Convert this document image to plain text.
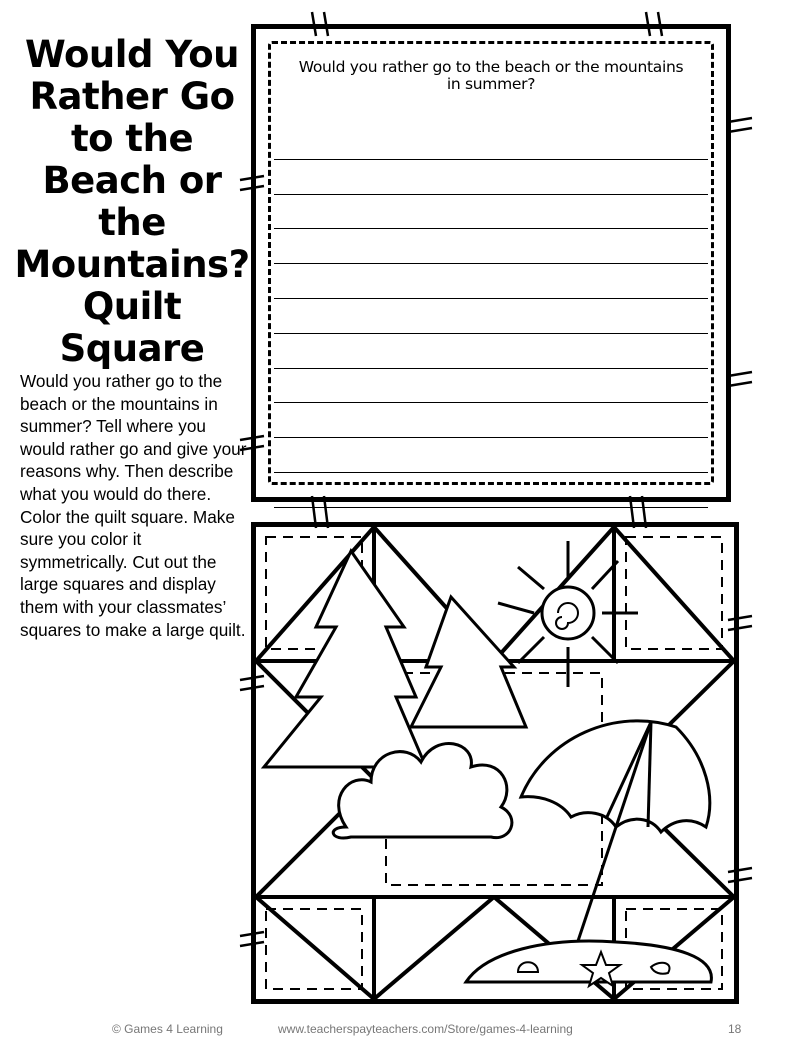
Would You
Rather Go
to the
Beach or
the
Mountains?
Quilt
Square
Would you rather go to the beach or the mountains in summer? Tell where you would rather go and give your reasons why. Then describe what you would do there. Color the quilt square. Make sure you color it symmetrically. Cut out the large squares and display them with your classmates’ squares to make a large quilt.
Would you rather go to the beach or the mountains in summer?
© Games 4 Learning	www.teacherspayteachers.com/Store/games-4-learning	18
